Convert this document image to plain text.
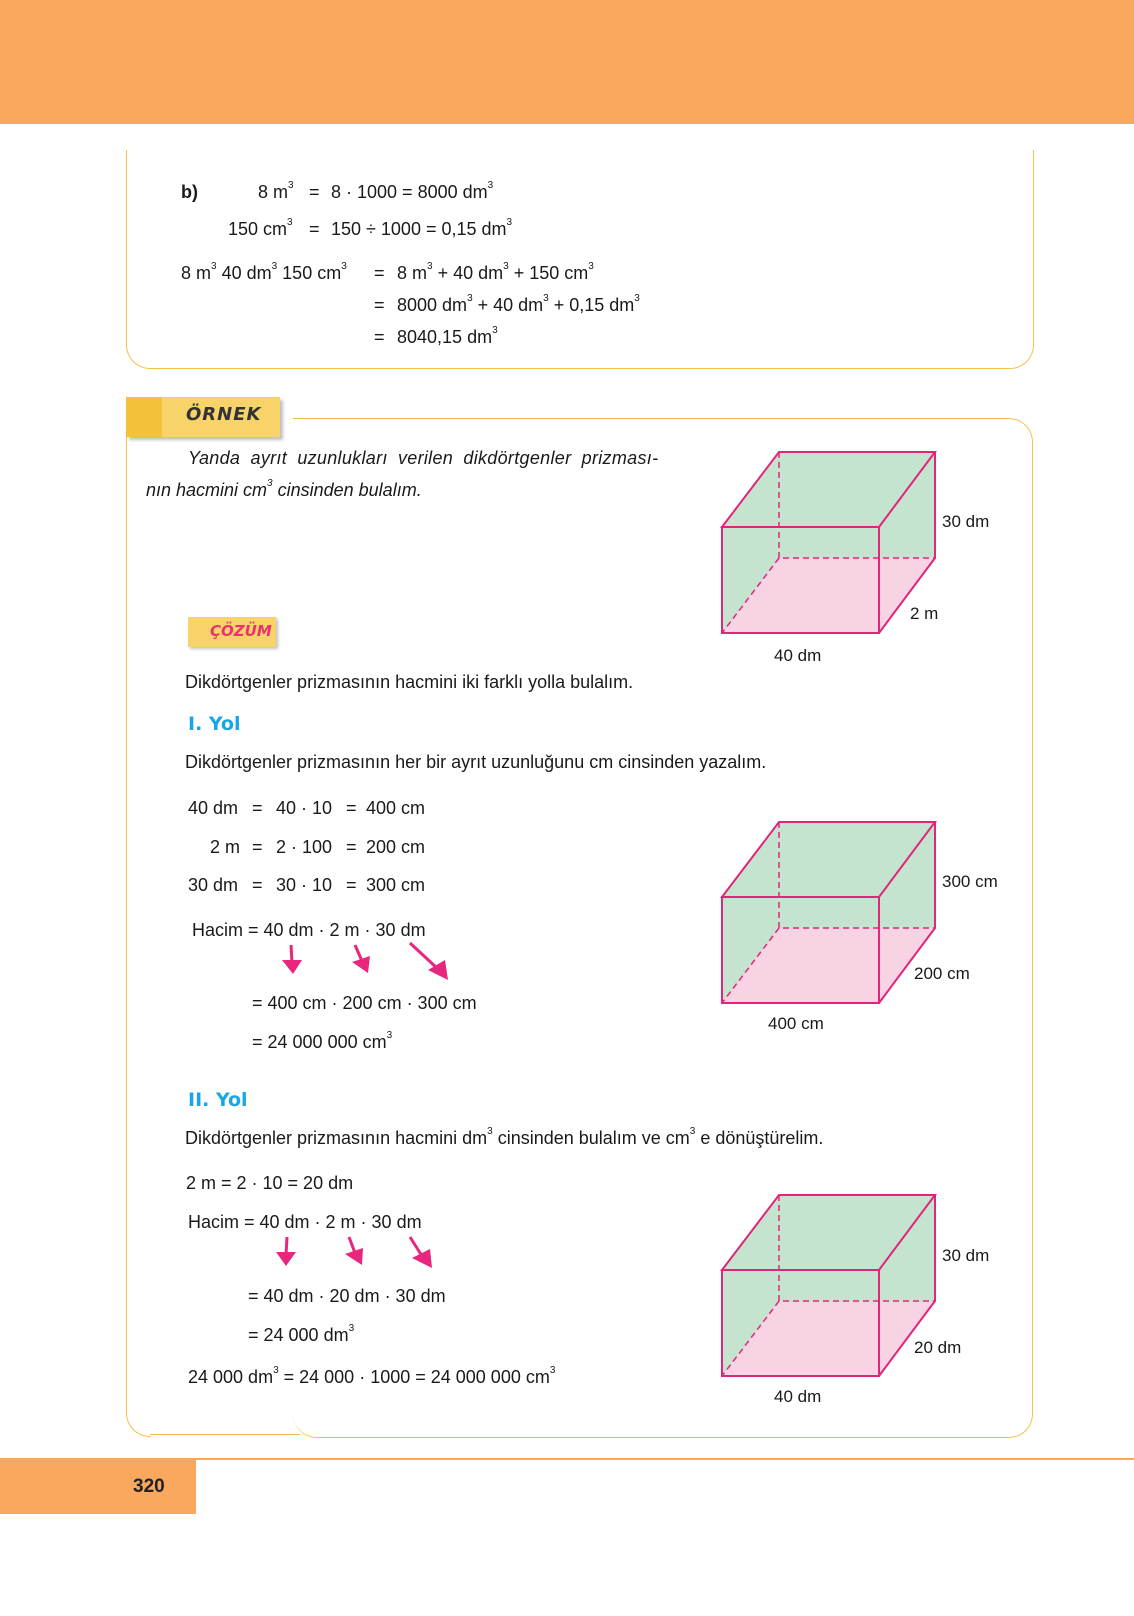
b)	8 $m^3 = 8 \cdot 1000 = 8000$ $dm^3$
150 $cm^3 = 150 \div 1000 = 0,15$ $dm^3$
8 $m^3$ 40 $dm^3$ 150 $cm^3 = 8$ $m^3 + 40$ $dm^3 + 150$ $cm^3$
= 8000 $dm^3 + 40$ $dm^3 + 0,15$ $dm^3$
= 8040,15 $dm^3$
ÖRNEK
Yanda ayrıt uzunlukları verilen dikdörtgenler prizması-
nın hacmini $cm^3$ cinsinden bulalım.
30 dm
2 m
40 dm
ÇÖZÜM
Dikdörtgenler prizmasının hacmini iki farklı yolla bulalım.
I. Yol
Dikdörtgenler prizmasının her bir ayrıt uzunluğunu cm cinsinden yazalım.
40 dm = 40 · 10 = 400 cm
2 m = 2 · 100 = 200 cm
30 dm = 30 · 10 = 300 cm
Hacim = 40 dm · 2 m · 30 dm
= 400 cm · 200 cm · 300 cm
= 24 000 000 $cm^3$
300 cm
200 cm
400 cm
II. Yol
Dikdörtgenler prizmasının hacmini $dm^3$ cinsinden bulalım ve $cm^3$ e dönüştürelim.
2 m = 2 · 10 = 20 dm
Hacim = 40 dm · 2 m · 30 dm
= 40 dm · 20 dm · 30 dm
= 24 000 $dm^3$
24 000 $dm^3 = 24$ 000 · 1000 = 24 000 000 $cm^3$
30 dm
20 dm
40 dm
320
